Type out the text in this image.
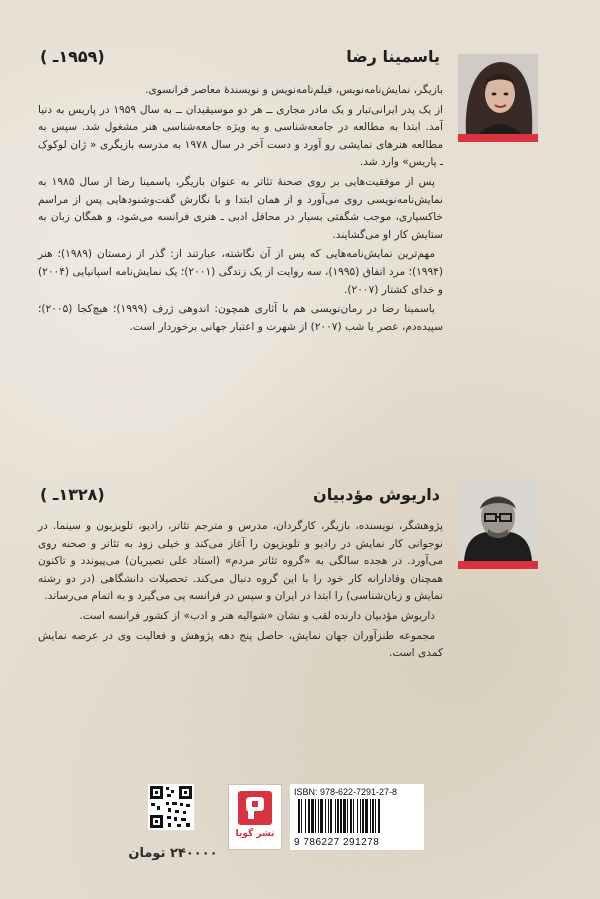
یاسمینا رضا
(۱۹۵۹ـ )

بازیگر، نمایش‌نامه‌نویس، فیلم‌نامه‌نویس و نویسندهٔ معاصر فرانسوی.

از یک پدر ایرانی‌تبار و یک مادر مجاری ــ هر دو موسیقیدان ــ به سال ۱۹۵۹ در پاریس به دنیا آمد. ابتدا به مطالعه در جامعه‌شناسی و به ویژه جامعه‌شناسی هنر مشغول شد. سپس به مطالعه هنرهای نمایشی رو آورد و دست آخر در سال ۱۹۷۸ به مدرسه بازیگری « ژان لوکوک ـ پاریس» وارد شد.

پس از موفقیت‌هایی بر روی صحنهٔ تئاتر به عنوان بازیگر، یاسمینا رضا از سال ۱۹۸۵ به نمایش‌نامه‌نویسی روی می‌آورد و از همان ابتدا و با نگارش گفت‌وشنودهایی پس از مراسم خاکسپاری، موجب شگفتی بسیار در محافل ادبی ـ هنری فرانسه می‌شود، و همگان زبان به ستایش کار او می‌گشایند.

مهم‌ترین نمایش‌نامه‌هایی که پس از آن نگاشته، عبارتند از: گذر از زمستان (۱۹۸۹)؛ هنر (۱۹۹۴)؛ مرد اتفاق (۱۹۹۵)، سه روایت از یک زندگی (۲۰۰۱)؛ یک نمایش‌نامه اسپانیایی (۲۰۰۴) و خدای کشتار (۲۰۰۷).

یاسمینا رضا در رمان‌نویسی هم با آثاری همچون: اندوهی ژرف (۱۹۹۹)؛ هیچ‌کجا (۲۰۰۵)؛ سپیده‌دم، عصر یا شب (۲۰۰۷) از شهرت و اعتبار جهانی برخوردار است.

داریوش مؤدبیان
(۱۳۲۸ـ )

پژوهشگر، نویسنده، بازیگر، کارگردان، مدرس و مترجم تئاتر، رادیو، تلویزیون و سینما. در نوجوانی کار نمایش در رادیو و تلویزیون را آغاز می‌کند و خیلی زود به تئاتر و صحنه روی می‌آورد. در هجده سالگی به «گروه تئاتر مردم» (استاد علی نصیریان) می‌پیوندد و تاکنون همچنان وفادارانه کار خود را با این گروه دنبال می‌کند. تحصیلات دانشگاهی (در دو رشته نمایش و زبان‌شناسی) را ابتدا در ایران و سپس در فرانسه پی می‌گیرد و به اتمام می‌رساند.

داریوش مؤدبیان دارنده لقب و نشان «شوالیه هنر و ادب» از کشور فرانسه است.

مجموعه طنزآوران جهان نمایش، حاصل پنج دهه پژوهش و فعالیت وی در عرصه نمایش کمدی است.

۲۴۰۰۰۰ تومان
نشر گویا
ISBN: 978-622-7291-27-8
9 786227 291278
